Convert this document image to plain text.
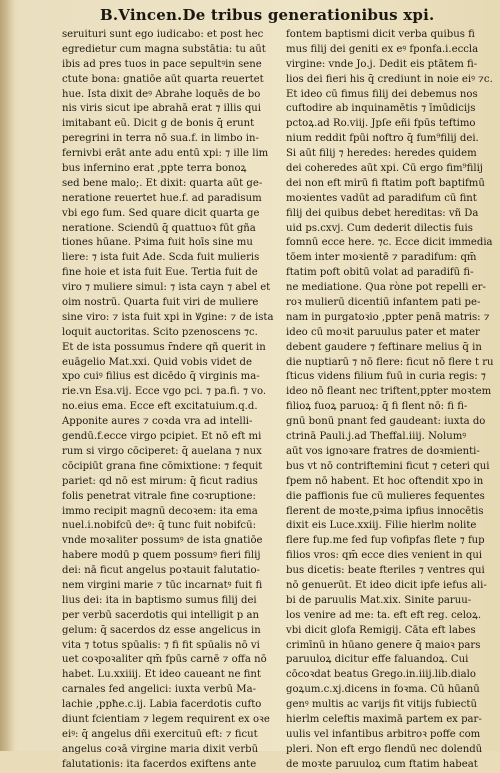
B.Vincen.De tribus generationibus xpi.
seruituri sunt ego iudicabo: et post hec
egredietur cum magna substātia: tu aūt
ibis ad pres tuos in pace sepultꝰin sene
ctute bona: gnatiōe aūt quarta reuertet
hue. Ista dixit deꝰ Abrahe loquēs de bo
nis viris sicut ipe abrahā erat ⁊ illis qui
imitabant eū. Dicit g de bonis q̄ erunt
peregrini in terra nō sua.f. in limbo in-
fernivbi erāt ante adu entū xpi: ⁊ ille lim
bus infernino erat ,ppte terra bonoꝝ
sed bene malo;. Et dixit: quarta aūt ge-
neratione reuertet hue.f. ad paradisum
vbi ego fum. Sed quare dicit quarta ge
neratione. Sciendū q̄ quattuoꝛ fūt gña
tiones hūane. Pꝛima fuit hoīs sine mu
liere: ⁊ ista fuit Ade. Scda fuit mulieris
fine hoie et ista fuit Eue. Tertia fuit de
viro ⁊ muliere simul: ⁊ ista cayn ⁊ abel et
oim nostrū. Quarta fuit viri de muliere
sine viro: ⁊ ista fuit xpi in Ꝟgine: ⁊ de ista
loquit auctoritas. Scito pzenoscens ⁊c.
Et de ista possumus r̄ndere qñ querit in
euāgelio Mat.xxi. Quid vobis videt de
xpo cuiꝰ filius est dicēdo q̄ virginis ma-
rie.vn Esa.vij. Ecce vgo pci. ⁊ pa.fi. ⁊ vo.
no.eius ema. Ecce eft excitatuium.q.d.
Apponite aures ⁊ coꝛda vra ad intelli-
gendū.f.ecce virgo pcipiet. Et nō eft mi
rum si virgo cōciperet: q̄ auelana ⁊ nux
cōcipiūt grana fine cōmixtione: ⁊ fequit
pariet: qd nō est mirum: q̄ ficut radius
folis penetrat vitrale fine coꝛruptione:
immo recipit magnū decoꝛem: ita ema
nuel.i.nobifcū deꝰ: q̄ tunc fuit nobifcū:
vnde moꝛaliter possumꝰ de ista gnatiōe
habere modū p quem possumꝰ fieri filij
dei: nā ficut angelus poꝛtauit falutatio-
nem virgini marie ⁊ tūc incarnatꝰ fuit fi
lius dei: ita in baptismo sumus filij dei
per verbū sacerdotis qui intelligit p an
gelum: q̄ sacerdos dz esse angelicus in
vita ⁊ totus spūalis: ⁊ fi fit spūalis nō vi
uet coꝛpoꝛaliter qm̄ fpūs carnē ⁊ offa nō
habet. Lu.xxiiij. Et ideo caueant ne fint
carnales fed angelici: iuxta verbū Ma-
lachie ,ppħe.c.ij. Labia facerdotis cufto
diunt fcientiam ⁊ legem requirent ex oꝛe
eiꝰ: q̄ angelus dñi exercituū eft: ⁊ ficut
angelus coꝛā virgine maria dixit verbū
falutationis: ita facerdos exiftens ante
fontem baptismi dicit verba quibus fi
mus filij dei geniti ex eꝰ fponfa.i.eccla
virgine: vnde Jo.j. Dedit eis ptātem fi-
lios dei fieri his q̄ crediunt in noie eiꝰ ⁊c.
Et ideo cū fimus filij dei debemus nos
cuftodire ab inquinamētis ⁊ īmūdicijs
pctoꝝ.ad Ro.viij. Jpſe eñi fpūs teftimo
nium reddit fpūi noftro q̄ fum⁹filij dei.
Si aūt filij ⁊ heredes: heredes quidem
dei coheredes aūt xpi. Cū ergo fim⁹filij
dei non eft mirū fi ftatim poft baptifmū
moꝛientes vadūt ad paradifum cū fint
filij dei quibus debet hereditas: vñ Da
uid ps.cxvj. Cum dederit dilectis fuis
fomnū ecce here. ⁊c. Ecce dicit immedia
tōem inter moꝛientē ⁊ paradifum: qm̄
ftatim poft obitū volat ad paradifū fi-
ne mediatione. Qua ròne pot repelli er-
roꝛ mulierū dicentiū infantem pati pe-
nam in purgatoꝛio ,ppter penā matris: ⁊
ideo cū moꝛit paruulus pater et mater
debent gaudere ⁊ feftinare melius q̄ in
die nuptiarū ⁊ nō flere: ficut nō flere t ru
ſticus videns filium fuū in curia regis: ⁊
ideo nō fleant nec triftent,ppter moꝛtem
filioꝝ fuoꝝ paruoꝝ: q̄ fi flent nō: fi fi-
gnū bonū pnant fed gaudeant: iuxta do
ctrinā Pauli.j.ad Theffal.iiij. Nolumꝰ
aūt vos ignoꝛare fratres de doꝛmienti-
bus vt nō contriftemini ficut ⁊ ceteri qui
fpem nō habent. Et hoc oftendit xpo in
die paffionis fue cū mulieres fequentes
flerent de moꝛte,pꝛima ipfius innocētis
dixit eis Luce.xxiij. Filie hierlm nolite
flere fup.me fed fup vofipfas flete ⁊ fup
filios vros: qm̄ ecce dies venient in qui
bus dicetis: beate fteriles ⁊ ventres qui
nō genuerūt. Et ideo dicit ipfe iefus ali-
bi de paruulis Mat.xix. Sinite paruu-
los venire ad me: ta. eft eft reg. celoꝝ.
vbi dicit glofa Remigij. Cāta eft labes
crimīnū in hūano genere q̄ maioꝛ pars
paruuloꝝ dicitur effe faluandoꝝ. Cui
cōcoꝛdat beatus Grego.in.iiij.lib.dialo
goꝝum.c.xj.dicens in foꝛma. Cū hūanū
genꝰ multis ac varijs fit vitijs fubiectū
hierlm celeftis maximā partem ex par-
uulis vel infantibus arbitroꝛ poffe com
pleri. Non eft ergo flendū nec dolendū
de moꝛte paruuloꝝ cum ftatim habeat
